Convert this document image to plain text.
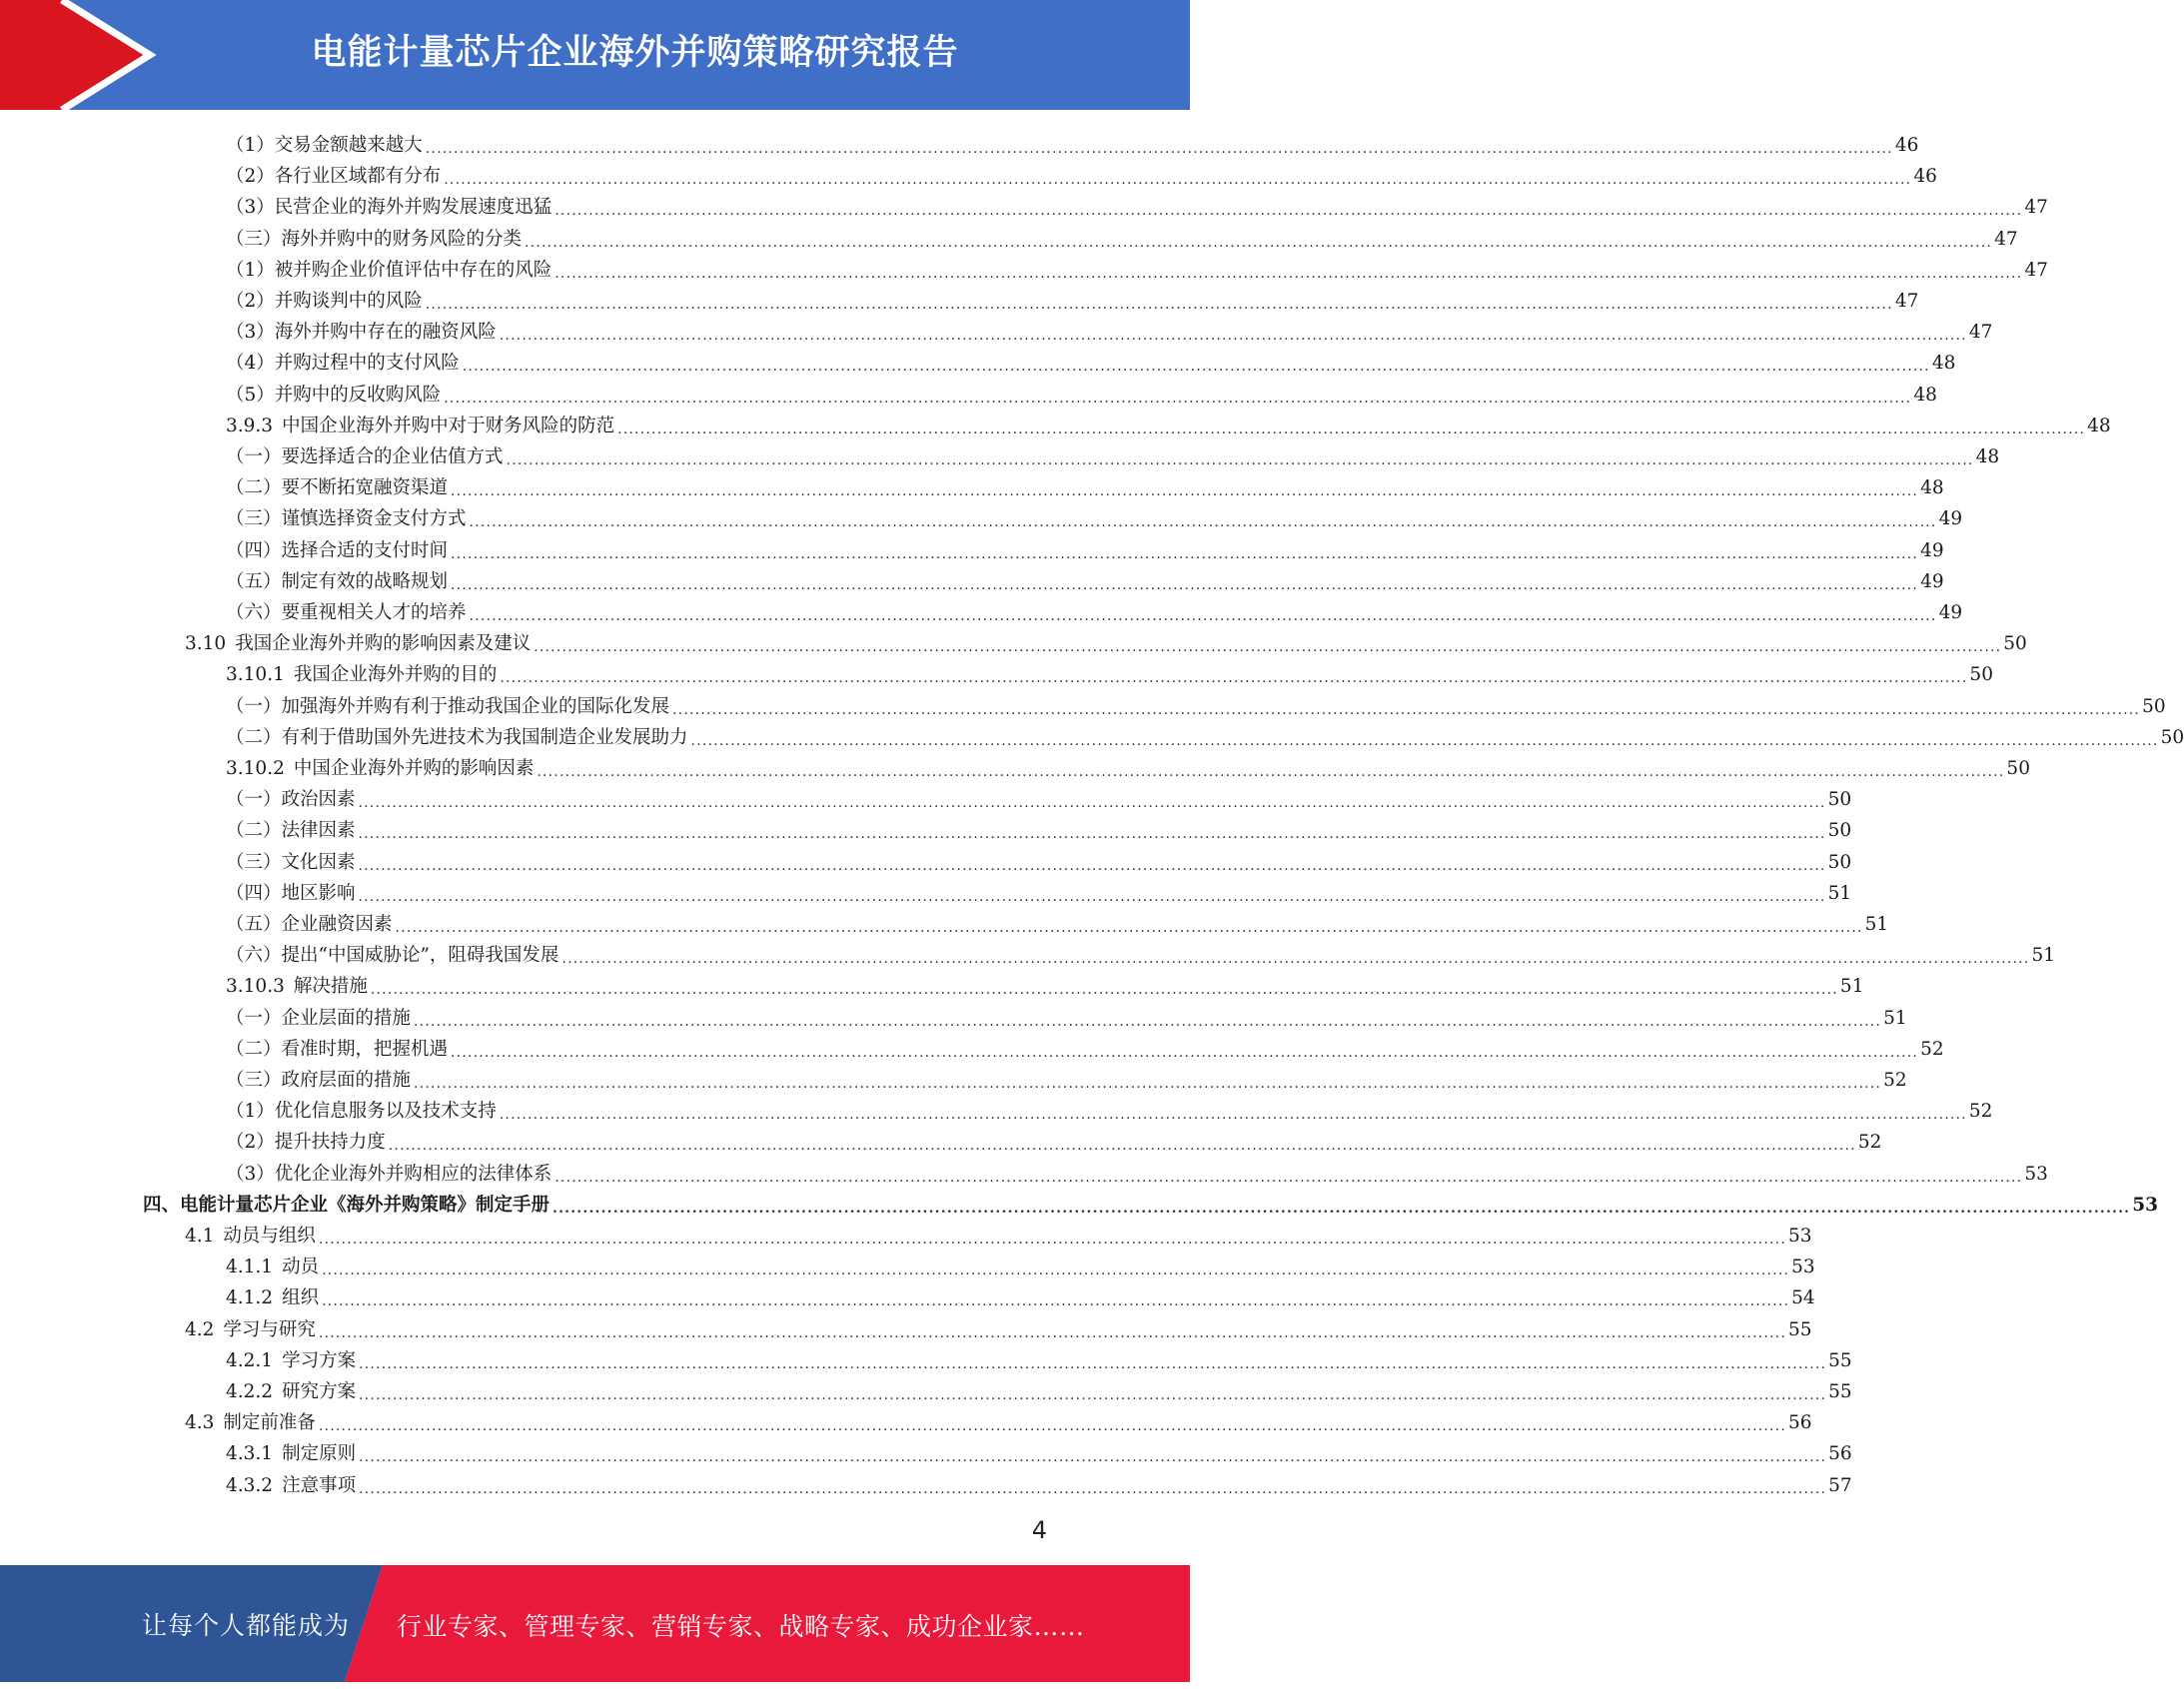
电能计量芯片企业海外并购策略研究报告
（1）交易金额越来越大 .................................................................................................................................................................................................................................................................... 46
（2）各行业区域都有分布 .................................................................................................................................................................................................................................................................... 46
（3）民营企业的海外并购发展速度迅猛 .................................................................................................................................................................................................................................................................... 47
（三）海外并购中的财务风险的分类 .................................................................................................................................................................................................................................................................... 47
（1）被并购企业价值评估中存在的风险 .................................................................................................................................................................................................................................................................... 47
（2）并购谈判中的风险 .................................................................................................................................................................................................................................................................... 47
（3）海外并购中存在的融资风险 .................................................................................................................................................................................................................................................................... 47
（4）并购过程中的支付风险 .................................................................................................................................................................................................................................................................... 48
（5）并购中的反收购风险 .................................................................................................................................................................................................................................................................... 48
3.9.3 中国企业海外并购中对于财务风险的防范 .................................................................................................................................................................................................................................................................... 48
（一）要选择适合的企业估值方式 .................................................................................................................................................................................................................................................................... 48
（二）要不断拓宽融资渠道 .................................................................................................................................................................................................................................................................... 48
（三）谨慎选择资金支付方式 .................................................................................................................................................................................................................................................................... 49
（四）选择合适的支付时间 .................................................................................................................................................................................................................................................................... 49
（五）制定有效的战略规划 .................................................................................................................................................................................................................................................................... 49
（六）要重视相关人才的培养 .................................................................................................................................................................................................................................................................... 49
3.10 我国企业海外并购的影响因素及建议 .................................................................................................................................................................................................................................................................... 50
3.10.1 我国企业海外并购的目的 .................................................................................................................................................................................................................................................................... 50
（一）加强海外并购有利于推动我国企业的国际化发展 .................................................................................................................................................................................................................................................................... 50
（二）有利于借助国外先进技术为我国制造企业发展助力 .................................................................................................................................................................................................................................................................... 50
3.10.2 中国企业海外并购的影响因素 .................................................................................................................................................................................................................................................................... 50
（一）政治因素 .................................................................................................................................................................................................................................................................... 50
（二）法律因素 .................................................................................................................................................................................................................................................................... 50
（三）文化因素 .................................................................................................................................................................................................................................................................... 50
（四）地区影响 .................................................................................................................................................................................................................................................................... 51
（五）企业融资因素 .................................................................................................................................................................................................................................................................... 51
（六）提出“中国威胁论”，阻碍我国发展 .................................................................................................................................................................................................................................................................... 51
3.10.3 解决措施 .................................................................................................................................................................................................................................................................... 51
（一）企业层面的措施 .................................................................................................................................................................................................................................................................... 51
（二）看准时期，把握机遇 .................................................................................................................................................................................................................................................................... 52
（三）政府层面的措施 .................................................................................................................................................................................................................................................................... 52
（1）优化信息服务以及技术支持 .................................................................................................................................................................................................................................................................... 52
（2）提升扶持力度 .................................................................................................................................................................................................................................................................... 52
（3）优化企业海外并购相应的法律体系 .................................................................................................................................................................................................................................................................... 53
四、电能计量芯片企业《海外并购策略》制定手册 .................................................................................................................................................................................................................................................................... 53
4.1 动员与组织 .................................................................................................................................................................................................................................................................... 53
4.1.1 动员 .................................................................................................................................................................................................................................................................... 53
4.1.2 组织 .................................................................................................................................................................................................................................................................... 54
4.2 学习与研究 .................................................................................................................................................................................................................................................................... 55
4.2.1 学习方案 .................................................................................................................................................................................................................................................................... 55
4.2.2 研究方案 .................................................................................................................................................................................................................................................................... 55
4.3 制定前准备 .................................................................................................................................................................................................................................................................... 56
4.3.1 制定原则 .................................................................................................................................................................................................................................................................... 56
4.3.2 注意事项 .................................................................................................................................................................................................................................................................... 57
4
让每个人都能成为 行业专家、管理专家、营销专家、战略专家、成功企业家……
